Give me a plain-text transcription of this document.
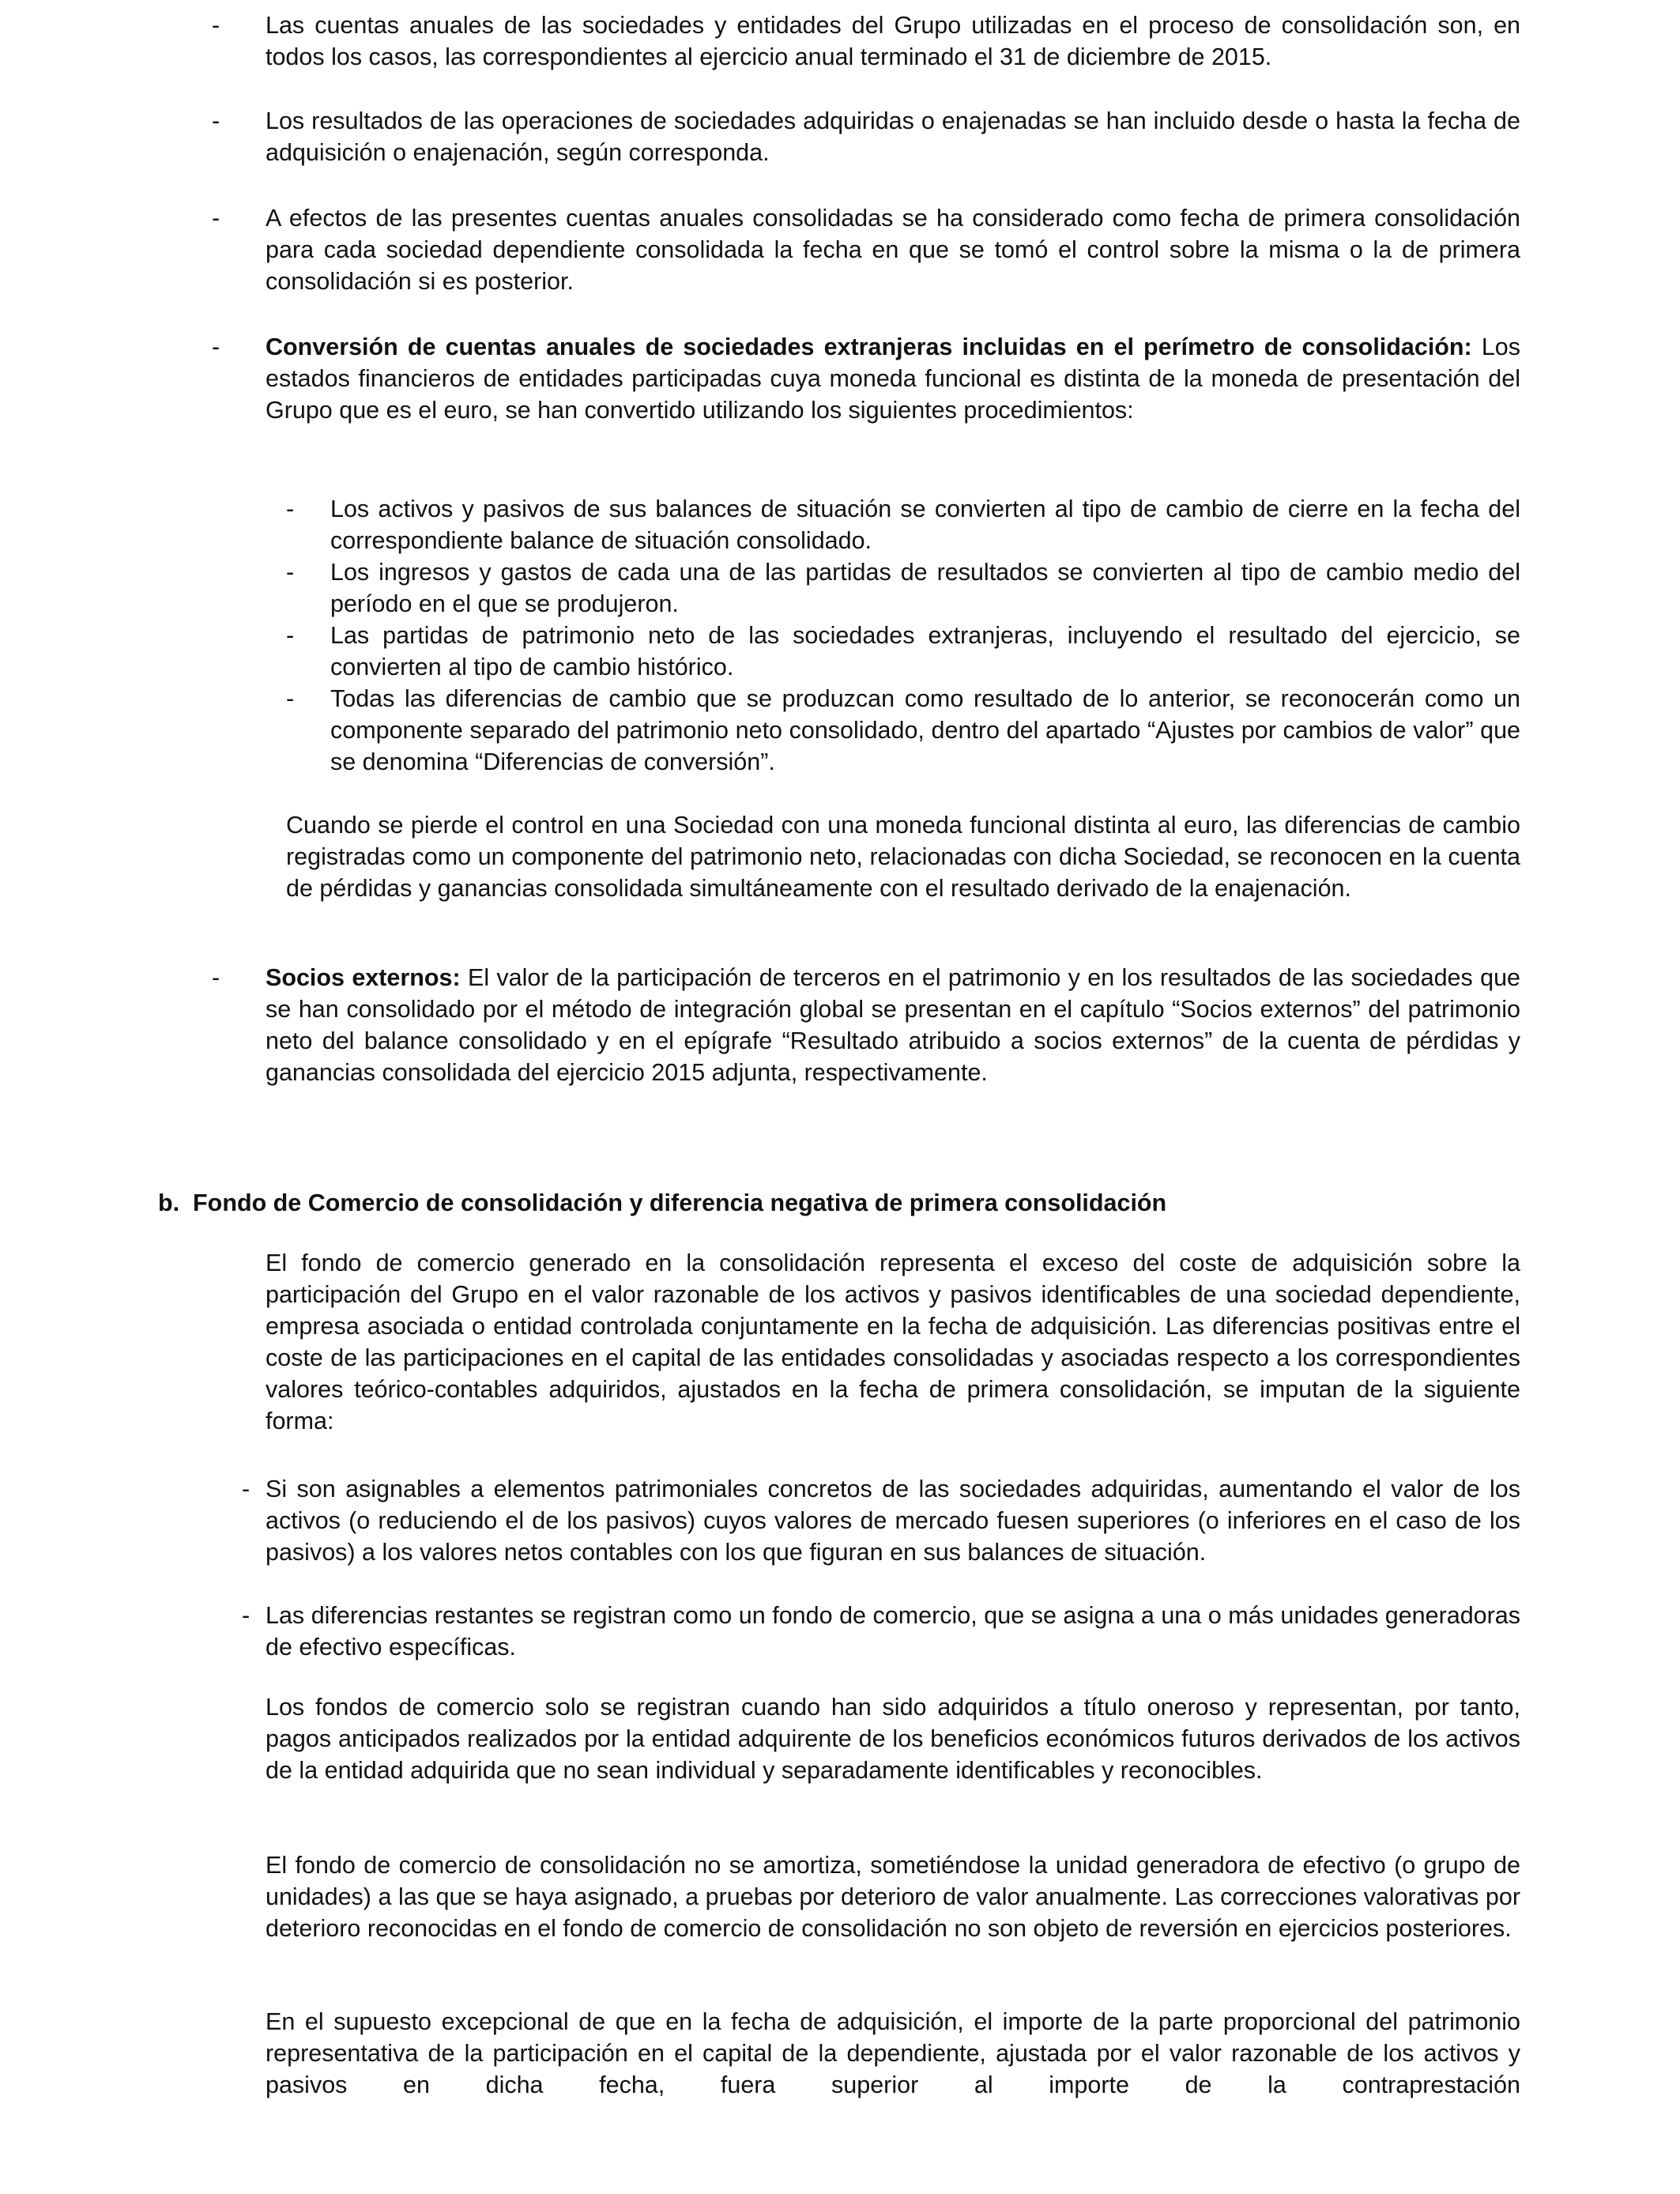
- Las cuentas anuales de las sociedades y entidades del Grupo utilizadas en el proceso de consolidación son, en todos los casos, las correspondientes al ejercicio anual terminado el 31 de diciembre de 2015.

- Los resultados de las operaciones de sociedades adquiridas o enajenadas se han incluido desde o hasta la fecha de adquisición o enajenación, según corresponda.

- A efectos de las presentes cuentas anuales consolidadas se ha considerado como fecha de primera consolidación para cada sociedad dependiente consolidada la fecha en que se tomó el control sobre la misma o la de primera consolidación si es posterior.

- Conversión de cuentas anuales de sociedades extranjeras incluidas en el perímetro de consolidación: Los estados financieros de entidades participadas cuya moneda funcional es distinta de la moneda de presentación del Grupo que es el euro, se han convertido utilizando los siguientes procedimientos:

- Los activos y pasivos de sus balances de situación se convierten al tipo de cambio de cierre en la fecha del correspondiente balance de situación consolidado.

- Los ingresos y gastos de cada una de las partidas de resultados se convierten al tipo de cambio medio del período en el que se produjeron.

- Las partidas de patrimonio neto de las sociedades extranjeras, incluyendo el resultado del ejercicio, se convierten al tipo de cambio histórico.

- Todas las diferencias de cambio que se produzcan como resultado de lo anterior, se reconocerán como un componente separado del patrimonio neto consolidado, dentro del apartado “Ajustes por cambios de valor” que se denomina “Diferencias de conversión”.

Cuando se pierde el control en una Sociedad con una moneda funcional distinta al euro, las diferencias de cambio registradas como un componente del patrimonio neto, relacionadas con dicha Sociedad, se reconocen en la cuenta de pérdidas y ganancias consolidada simultáneamente con el resultado derivado de la enajenación.

- Socios externos: El valor de la participación de terceros en el patrimonio y en los resultados de las sociedades que se han consolidado por el método de integración global se presentan en el capítulo “Socios externos” del patrimonio neto del balance consolidado y en el epígrafe “Resultado atribuido a socios externos” de la cuenta de pérdidas y ganancias consolidada del ejercicio 2015 adjunta, respectivamente.

b.  Fondo de Comercio de consolidación y diferencia negativa de primera consolidación

El fondo de comercio generado en la consolidación representa el exceso del coste de adquisición sobre la participación del Grupo en el valor razonable de los activos y pasivos identificables de una sociedad dependiente, empresa asociada o entidad controlada conjuntamente en la fecha de adquisición. Las diferencias positivas entre el coste de las participaciones en el capital de las entidades consolidadas y asociadas respecto a los correspondientes valores teórico-contables adquiridos, ajustados en la fecha de primera consolidación, se imputan de la siguiente forma:

- Si son asignables a elementos patrimoniales concretos de las sociedades adquiridas, aumentando el valor de los activos (o reduciendo el de los pasivos) cuyos valores de mercado fuesen superiores (o inferiores en el caso de los pasivos) a los valores netos contables con los que figuran en sus balances de situación.

- Las diferencias restantes se registran como un fondo de comercio, que se asigna a una o más unidades generadoras de efectivo específicas.

Los fondos de comercio solo se registran cuando han sido adquiridos a título oneroso y representan, por tanto, pagos anticipados realizados por la entidad adquirente de los beneficios económicos futuros derivados de los activos de la entidad adquirida que no sean individual y separadamente identificables y reconocibles.

El fondo de comercio de consolidación no se amortiza, sometiéndose la unidad generadora de efectivo (o grupo de unidades) a las que se haya asignado, a pruebas por deterioro de valor anualmente. Las correcciones valorativas por deterioro reconocidas en el fondo de comercio de consolidación no son objeto de reversión en ejercicios posteriores.

En el supuesto excepcional de que en la fecha de adquisición, el importe de la parte proporcional del patrimonio representativa de la participación en el capital de la dependiente, ajustada por el valor razonable de los activos y pasivos en dicha fecha, fuera superior al importe de la contraprestación
